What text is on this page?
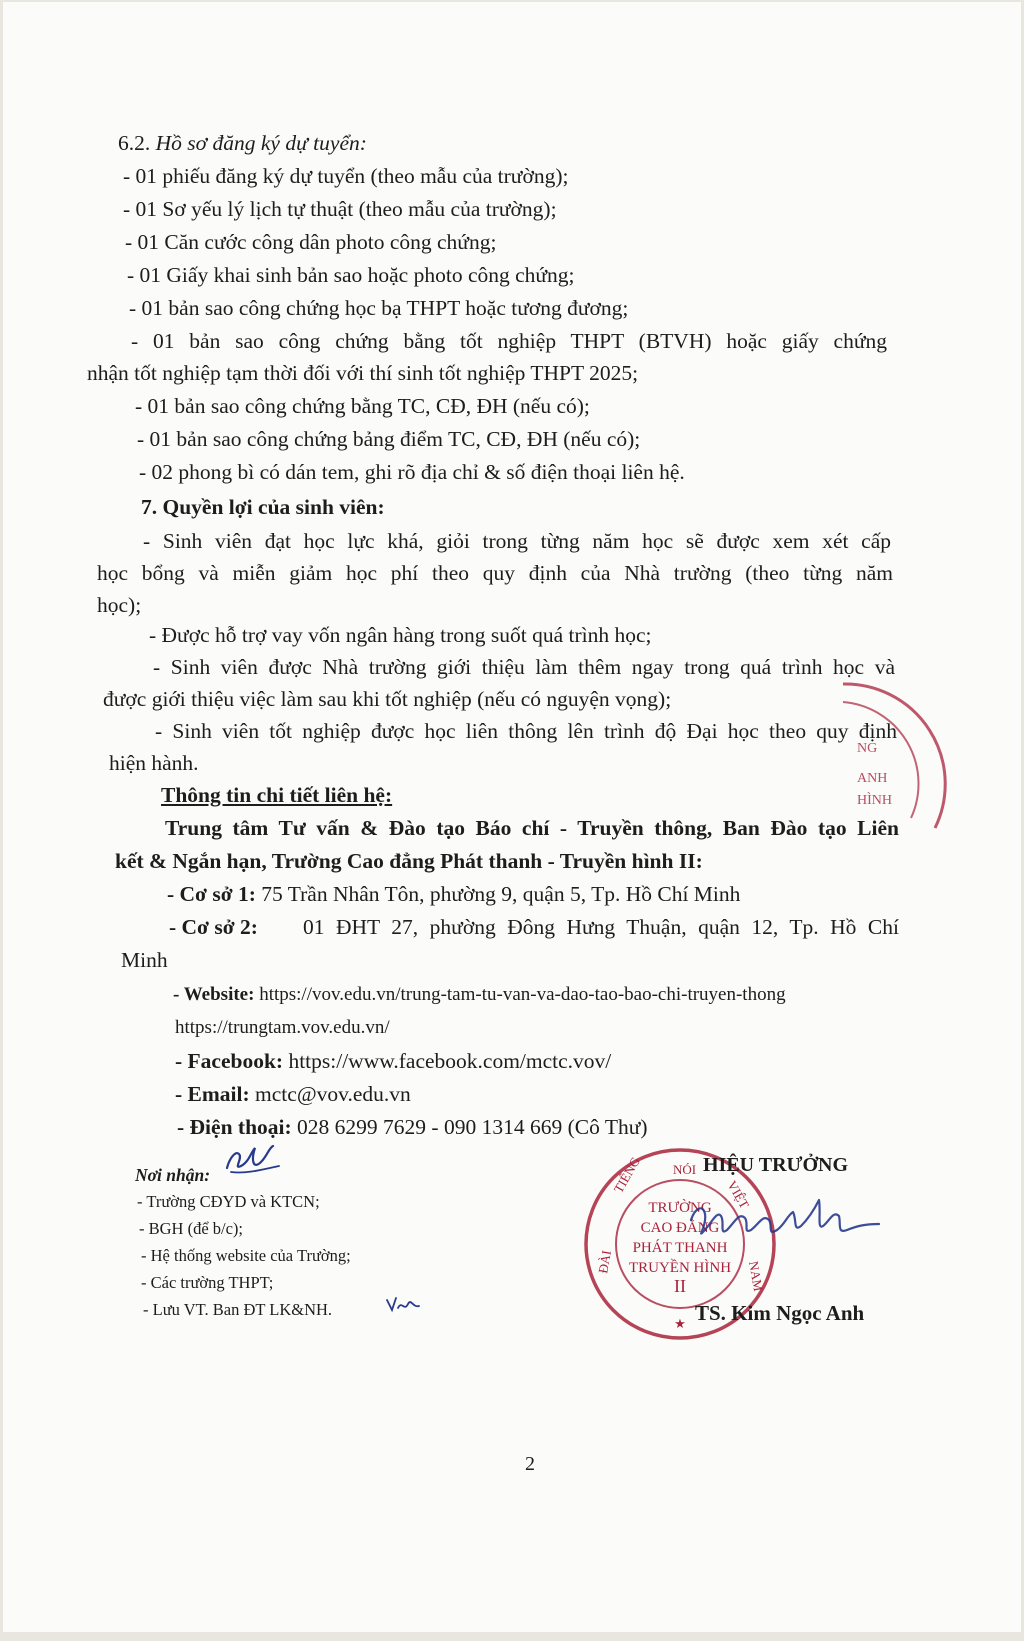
6.2. Hồ sơ đăng ký dự tuyển:
- 01 phiếu đăng ký dự tuyển (theo mẫu của trường);
- 01 Sơ yếu lý lịch tự thuật (theo mẫu của trường);
- 01 Căn cước công dân photo công chứng;
- 01 Giấy khai sinh bản sao hoặc photo công chứng;
- 01 bản sao công chứng học bạ THPT hoặc tương đương;
- 01 bản sao công chứng bằng tốt nghiệp THPT (BTVH) hoặc giấy chứng
nhận tốt nghiệp tạm thời đối với thí sinh tốt nghiệp THPT 2025;
- 01 bản sao công chứng bằng TC, CĐ, ĐH (nếu có);
- 01 bản sao công chứng bảng điểm TC, CĐ, ĐH (nếu có);
- 02 phong bì có dán tem, ghi rõ địa chỉ & số điện thoại liên hệ.
7. Quyền lợi của sinh viên:
- Sinh viên đạt học lực khá, giỏi trong từng năm học sẽ được xem xét cấp
học bổng và miễn giảm học phí theo quy định của Nhà trường (theo từng năm
học);
- Được hỗ trợ vay vốn ngân hàng trong suốt quá trình học;
- Sinh viên được Nhà trường giới thiệu làm thêm ngay trong quá trình học và
được giới thiệu việc làm sau khi tốt nghiệp (nếu có nguyện vọng);
- Sinh viên tốt nghiệp được học liên thông lên trình độ Đại học theo quy định
hiện hành.
Thông tin chi tiết liên hệ:
Trung tâm Tư vấn & Đào tạo Báo chí - Truyền thông, Ban Đào tạo Liên
kết & Ngắn hạn, Trường Cao đẳng Phát thanh - Truyền hình II:
- Cơ sở 1: 75 Trần Nhân Tôn, phường 9, quận 5, Tp. Hồ Chí Minh
- Cơ sở 2: 01 ĐHT 27, phường Đông Hưng Thuận, quận 12, Tp. Hồ Chí
Minh
- Website: https://vov.edu.vn/trung-tam-tu-van-va-dao-tao-bao-chi-truyen-thong
https://trungtam.vov.edu.vn/
- Facebook: https://www.facebook.com/mctc.vov/
- Email: mctc@vov.edu.vn
- Điện thoại: 028 6299 7629 - 090 1314 669 (Cô Thư)
Nơi nhận:
- Trường CĐYD và KTCN;
- BGH (để b/c);
- Hệ thống website của Trường;
- Các trường THPT;
- Lưu VT. Ban ĐT LK&NH.
TRƯỜNG
CAO ĐẲNG
PHÁT THANH
TRUYỀN HÌNH
II
NÓI
TIẾNG
ĐÀI
VIỆT
NAM
★
HIỆU TRƯỞNG
TS. Kim Ngọc Anh
NG
ANH
HÌNH
2
